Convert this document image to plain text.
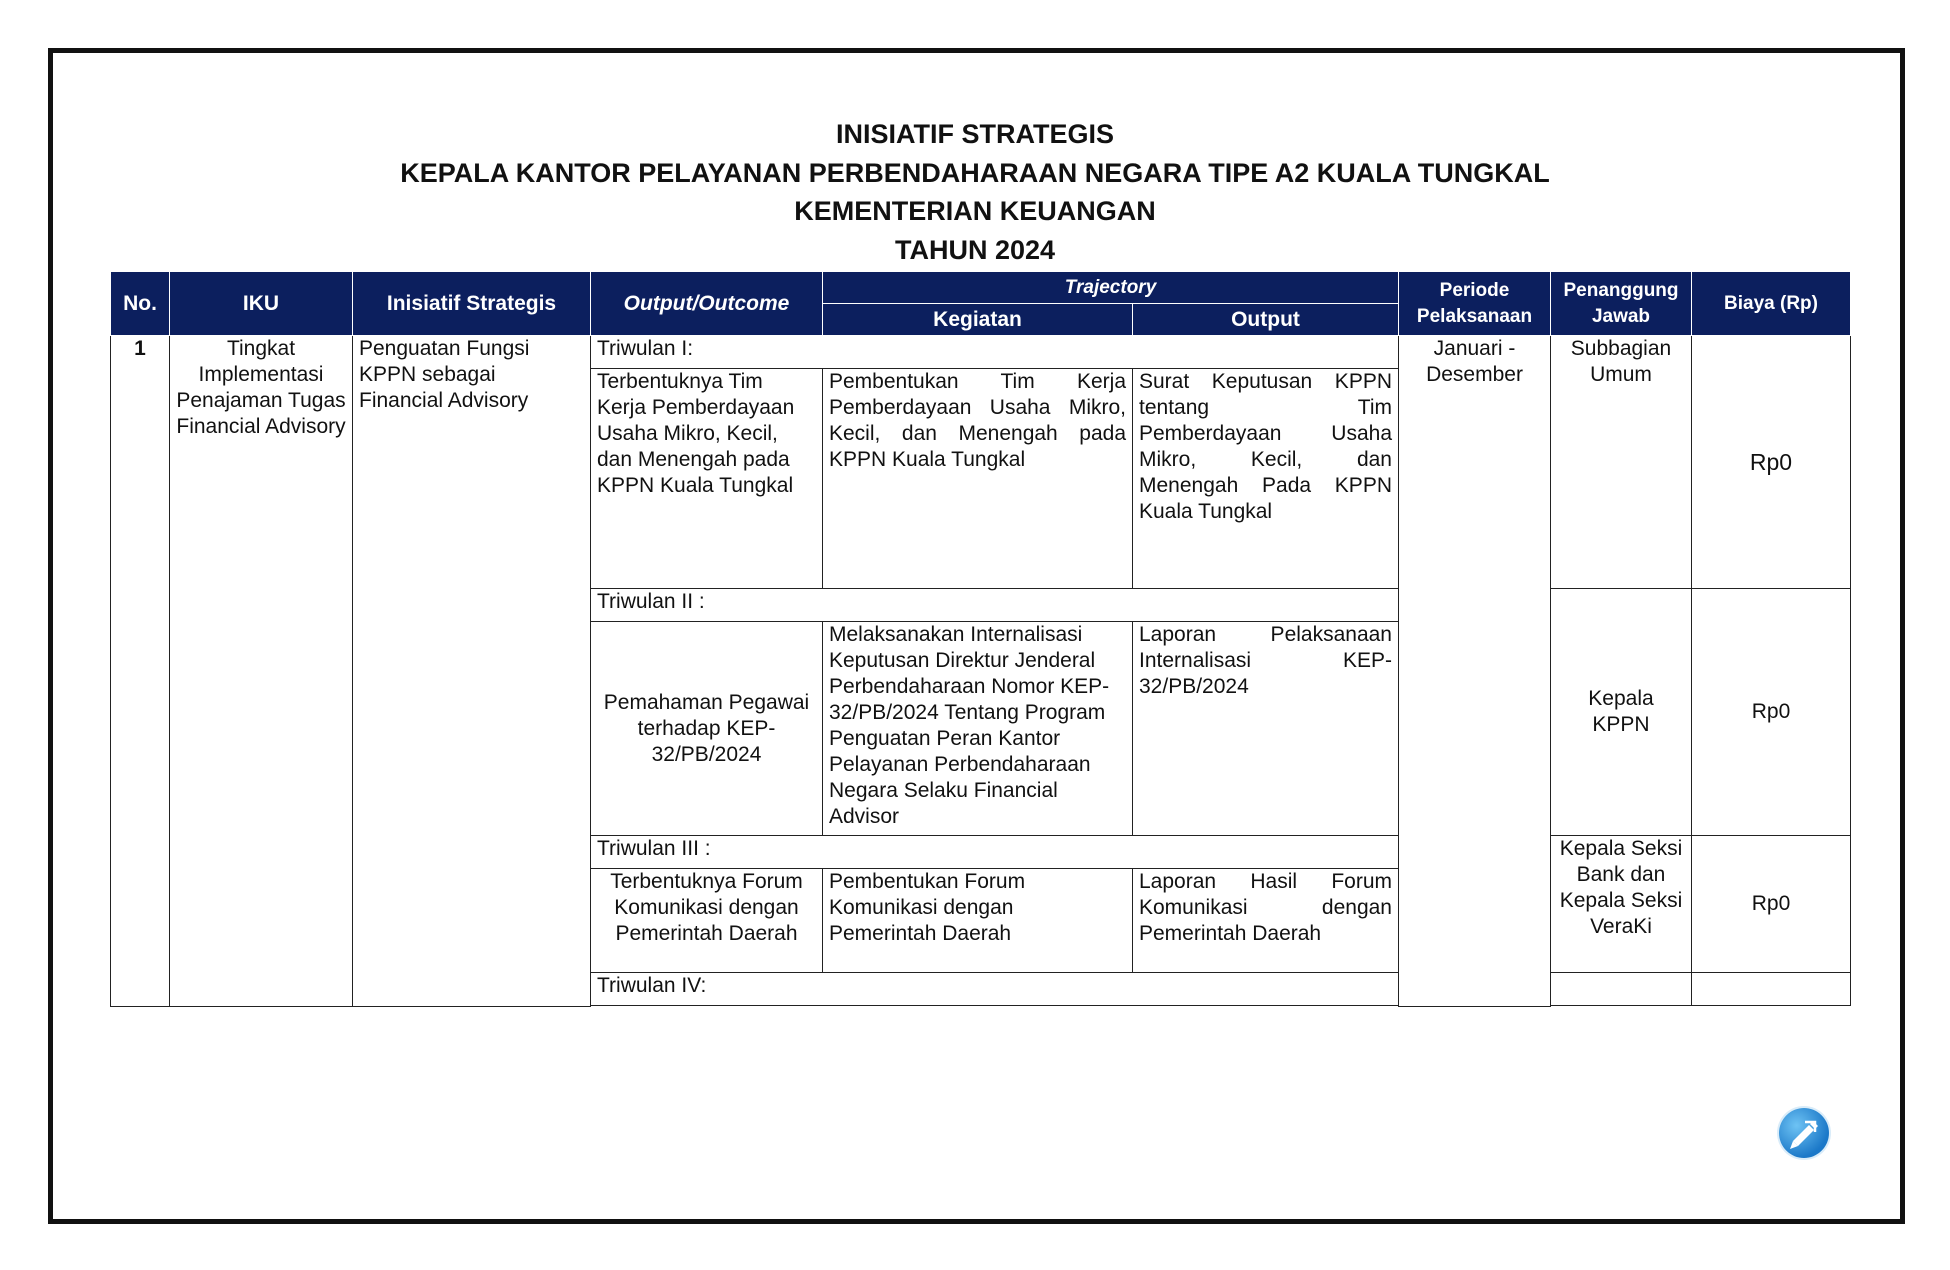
INISIATIF STRATEGIS
KEPALA KANTOR PELAYANAN PERBENDAHARAAN NEGARA TIPE A2 KUALA TUNGKAL
KEMENTERIAN KEUANGAN
TAHUN 2024
No.	IKU	Inisiatif Strategis	Output/Outcome	Trajectory		Periode Pelaksanaan	Penanggung Jawab	Biaya (Rp)
				Kegiatan	Output			
1	Tingkat Implementasi Penajaman Tugas Financial Advisory	Penguatan Fungsi KPPN sebagai Financial Advisory	Triwulan I:			Januari - Desember	Subbagian Umum	Rp0
			Terbentuknya Tim Kerja Pemberdayaan Usaha Mikro, Kecil, dan Menengah pada KPPN Kuala Tungkal	Pembentukan Tim Kerja Pemberdayaan Usaha Mikro, Kecil, dan Menengah pada KPPN Kuala Tungkal	Surat Keputusan KPPN tentang Tim Pemberdayaan Usaha Mikro, Kecil, dan Menengah Pada KPPN Kuala Tungkal			
			Triwulan II :				Kepala KPPN	Rp0
			Pemahaman Pegawai terhadap KEP-32/PB/2024	Melaksanakan Internalisasi Keputusan Direktur Jenderal Perbendaharaan Nomor KEP-32/PB/2024 Tentang Program Penguatan Peran Kantor Pelayanan Perbendaharaan Negara Selaku Financial Advisor	Laporan Pelaksanaan Internalisasi KEP-32/PB/2024			
			Triwulan III :				Kepala Seksi Bank dan Kepala Seksi VeraKi	Rp0
			Terbentuknya Forum Komunikasi dengan Pemerintah Daerah	Pembentukan Forum Komunikasi dengan Pemerintah Daerah	Laporan Hasil Forum Komunikasi dengan Pemerintah Daerah			
			Triwulan IV:					
